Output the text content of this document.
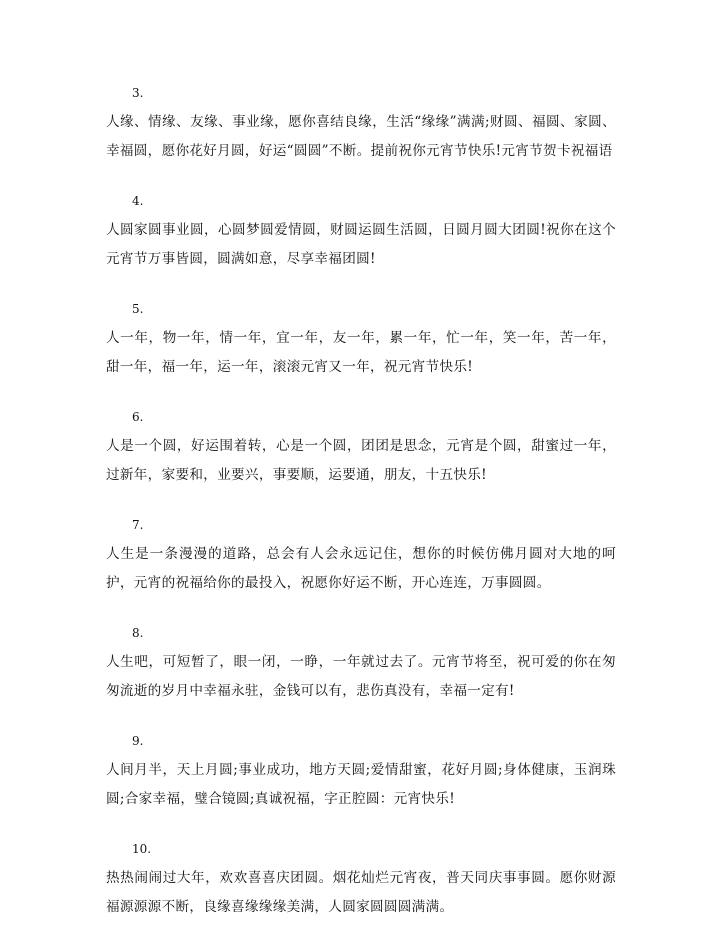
3.
人缘、情缘、友缘、事业缘，愿你喜结良缘，生活“缘缘”满满;财圆、福圆、家圆、幸福圆，愿你花好月圆，好运“圆圆”不断。提前祝你元宵节快乐!元宵节贺卡祝福语
4.
人圆家圆事业圆，心圆梦圆爱情圆，财圆运圆生活圆，日圆月圆大团圆!祝你在这个元宵节万事皆圆，圆满如意，尽享幸福团圆!
5.
人一年，物一年，情一年，宜一年，友一年，累一年，忙一年，笑一年，苦一年，甜一年，福一年，运一年，滚滚元宵又一年，祝元宵节快乐!
6.
人是一个圆，好运围着转，心是一个圆，团团是思念，元宵是个圆，甜蜜过一年，过新年，家要和，业要兴，事要顺，运要通，朋友，十五快乐!
7.
人生是一条漫漫的道路，总会有人会永远记住，想你的时候仿佛月圆对大地的呵护，元宵的祝福给你的最投入，祝愿你好运不断，开心连连，万事圆圆。
8.
人生吧，可短暂了，眼一闭，一睁，一年就过去了。元宵节将至，祝可爱的你在匆匆流逝的岁月中幸福永驻，金钱可以有，悲伤真没有，幸福一定有!
9.
人间月半，天上月圆;事业成功，地方天圆;爱情甜蜜，花好月圆;身体健康，玉润珠圆;合家幸福，璧合镜圆;真诚祝福，字正腔圆：元宵快乐!
10.
热热闹闹过大年，欢欢喜喜庆团圆。烟花灿烂元宵夜，普天同庆事事圆。愿你财源福源源源不断，良缘喜缘缘缘美满，人圆家圆圆圆满满。
